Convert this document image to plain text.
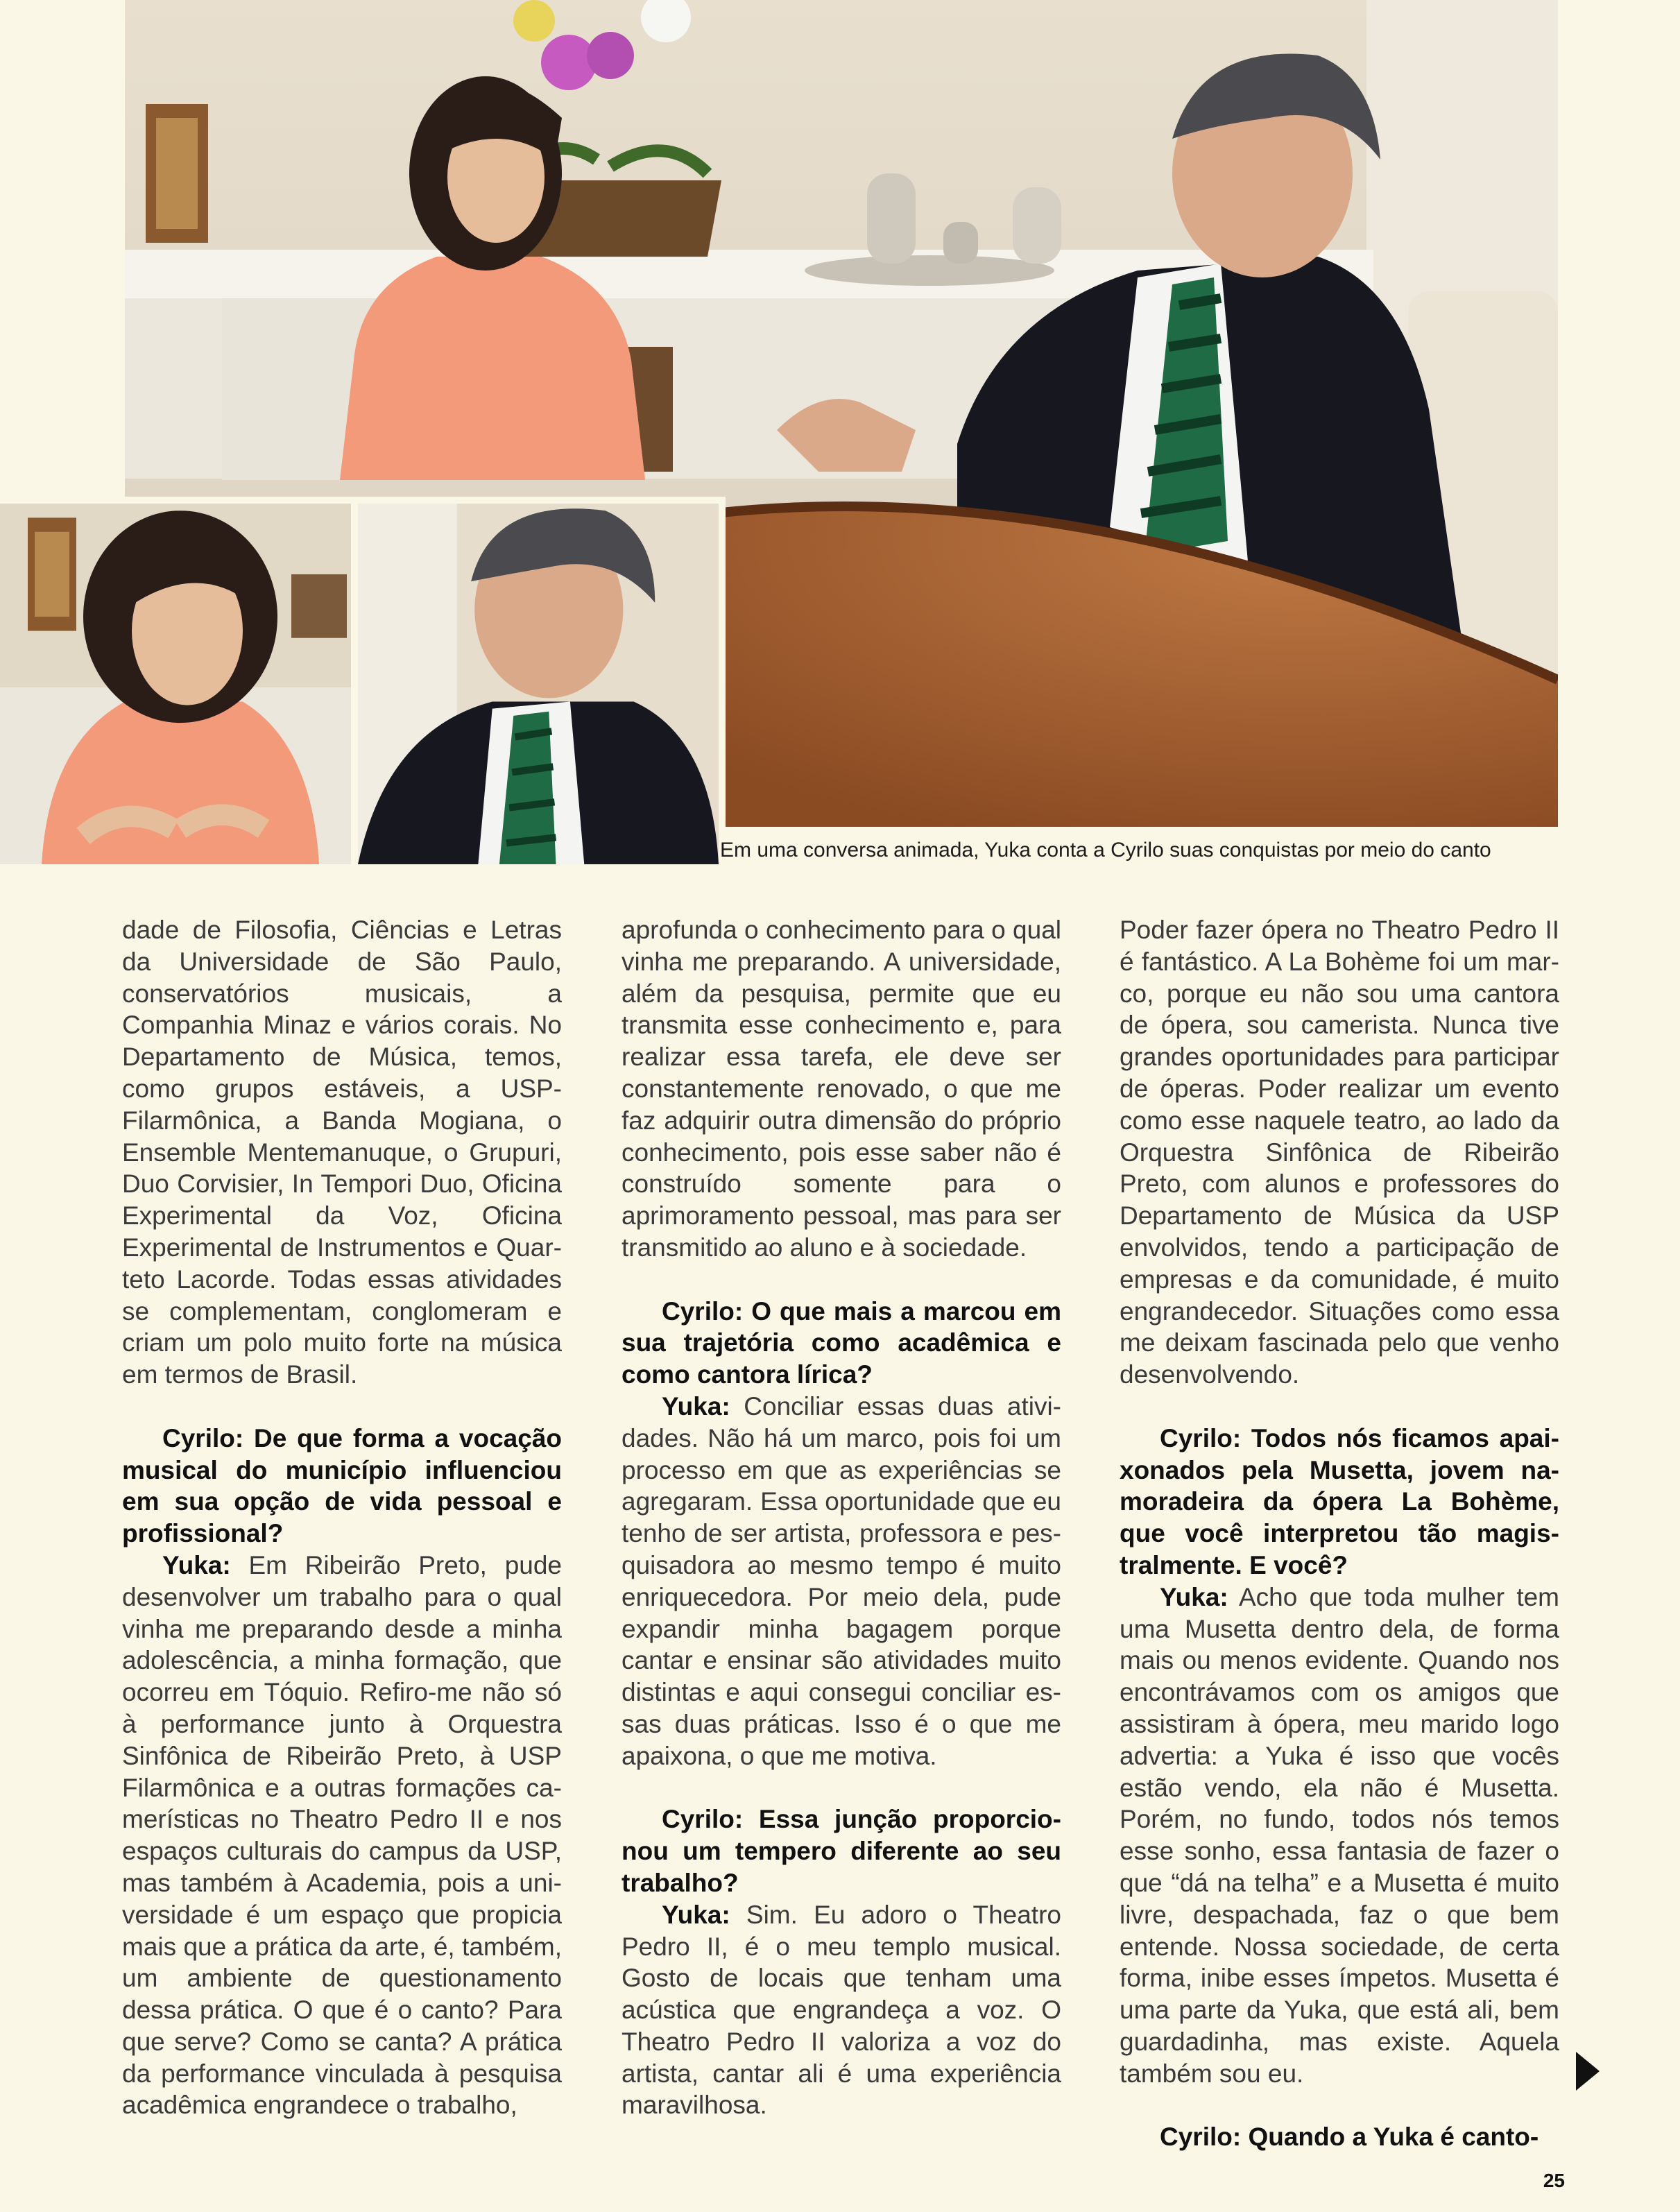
Em uma conversa animada, Yuka conta a Cyrilo suas conquistas por meio do canto

dade de Filosofia, Ciências e Letras da Universidade de São Paulo, conservatórios musicais, a Companhia Minaz e vários corais. No Departamento de Música, temos, como grupos estáveis, a USP-Filarmônica, a Banda Mogiana, o Ensemble Mentemanuque, o Grupuri, Duo Corvisier, In Tempori Duo, Oficina Experimental da Voz, Oficina Experimental de Instrumentos e Quarteto Lacorde. Todas essas atividades se complementam, conglomeram e criam um polo muito forte na música em termos de Brasil.

Cyrilo: De que forma a vocação musical do município influenciou em sua opção de vida pessoal e profissional?

Yuka: Em Ribeirão Preto, pude desenvolver um trabalho para o qual vinha me preparando desde a minha adolescência, a minha formação, que ocorreu em Tóquio. Refiro-me não só à performance junto à Orquestra Sinfônica de Ribeirão Preto, à USP Filarmônica e a outras formações camerísticas no Theatro Pedro II e nos espaços culturais do campus da USP, mas também à Academia, pois a universidade é um espaço que propicia mais que a prática da arte, é, também, um ambiente de questionamento dessa prática. O que é o canto? Para que serve? Como se canta? A prática da performance vinculada à pesquisa acadêmica engrandece o trabalho,

aprofunda o conhecimento para o qual vinha me preparando. A universidade, além da pesquisa, permite que eu transmita esse conhecimento e, para realizar essa tarefa, ele deve ser constantemente renovado, o que me faz adquirir outra dimensão do próprio conhecimento, pois esse saber não é construído somente para o aprimoramento pessoal, mas para ser transmitido ao aluno e à sociedade.

Cyrilo: O que mais a marcou em sua trajetória como acadêmica e como cantora lírica?

Yuka: Conciliar essas duas atividades. Não há um marco, pois foi um processo em que as experiências se agregaram. Essa oportunidade que eu tenho de ser artista, professora e pesquisadora ao mesmo tempo é muito enriquecedora. Por meio dela, pude expandir minha bagagem porque cantar e ensinar são atividades muito distintas e aqui consegui conciliar essas duas práticas. Isso é o que me apaixona, o que me motiva.

Cyrilo: Essa junção proporcionou um tempero diferente ao seu trabalho?

Yuka: Sim. Eu adoro o Theatro Pedro II, é o meu templo musical. Gosto de locais que tenham uma acústica que engrandeça a voz. O Theatro Pedro II valoriza a voz do artista, cantar ali é uma experiência maravilhosa.

Poder fazer ópera no Theatro Pedro II é fantástico. A La Bohème foi um marco, porque eu não sou uma cantora de ópera, sou camerista. Nunca tive grandes oportunidades para participar de óperas. Poder realizar um evento como esse naquele teatro, ao lado da Orquestra Sinfônica de Ribeirão Preto, com alunos e professores do Departamento de Música da USP envolvidos, tendo a participação de empresas e da comunidade, é muito engrandecedor. Situações como essa me deixam fascinada pelo que venho desenvolvendo.

Cyrilo: Todos nós ficamos apaixonados pela Musetta, jovem namoradeira da ópera La Bohème, que você interpretou tão magistralmente. E você?

Yuka: Acho que toda mulher tem uma Musetta dentro dela, de forma mais ou menos evidente. Quando nos encontrávamos com os amigos que assistiram à ópera, meu marido logo advertia: a Yuka é isso que vocês estão vendo, ela não é Musetta. Porém, no fundo, todos nós temos esse sonho, essa fantasia de fazer o que “dá na telha” e a Musetta é muito livre, despachada, faz o que bem entende. Nossa sociedade, de certa forma, inibe esses ímpetos. Musetta é uma parte da Yuka, que está ali, bem guardadinha, mas existe. Aquela também sou eu.

Cyrilo: Quando a Yuka é canto-

25
